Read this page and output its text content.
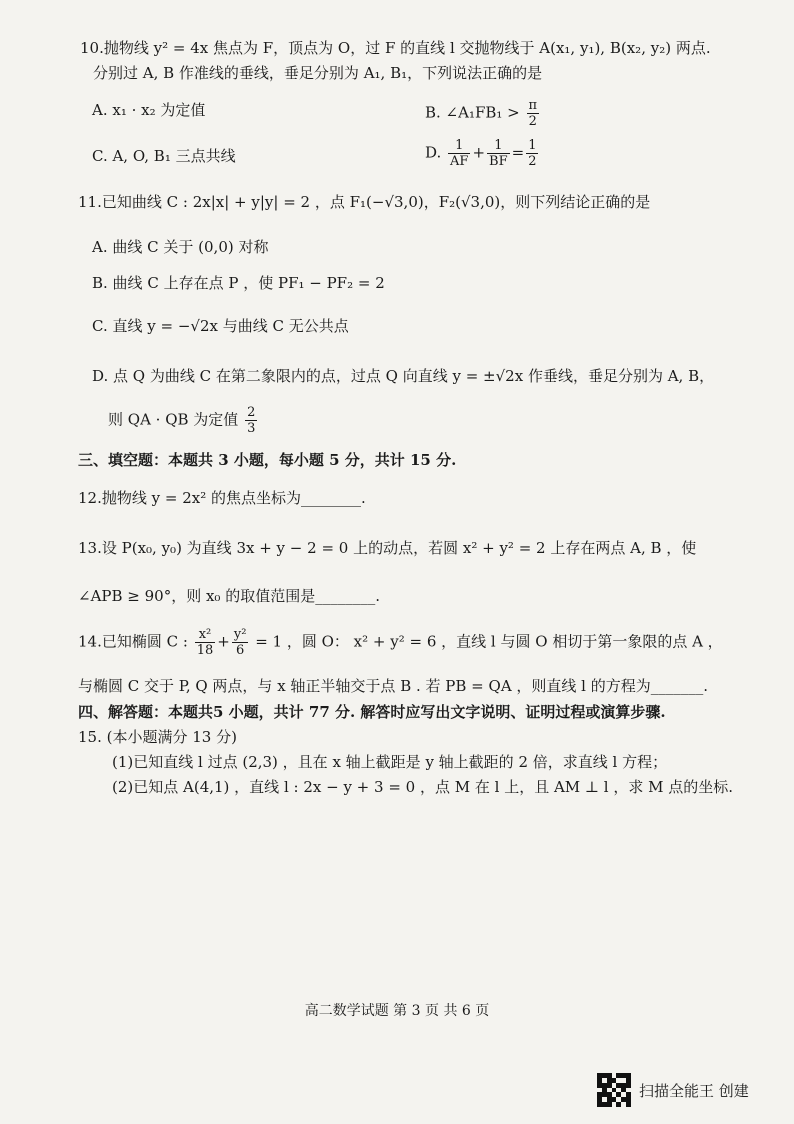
10.抛物线 y² = 4x 焦点为 F，顶点为 O，过 F 的直线 l 交抛物线于 A(x₁, y₁), B(x₂, y₂) 两点.
分别过 A, B 作准线的垂线，垂足分别为 A₁, B₁，下列说法正确的是
A. x₁ · x₂ 为定值	B. ∠A₁FB₁ > $\frac{\pi}{2}$
C. A, O, B₁ 三点共线	D. $\frac{1}{AF} + \frac{1}{BF} = \frac{1}{2}$
11.已知曲线 C : 2x|x| + y|y| = 2 ，点 F₁(−√3,0)，F₂(√3,0)，则下列结论正确的是
A. 曲线 C 关于 (0,0) 对称
B. 曲线 C 上存在点 P ，使 PF₁ − PF₂ = 2
C. 直线 y = −√2x 与曲线 C 无公共点
D. 点 Q 为曲线 C 在第二象限内的点，过点 Q 向直线 y = ±√2x 作垂线，垂足分别为 A, B，
则 QA · QB 为定值 $\frac{2}{3}$
三、填空题：本题共 3 小题，每小题 5 分，共计 15 分.
12.抛物线 y = 2x² 的焦点坐标为________.
13.设 P(x₀, y₀) 为直线 3x + y − 2 = 0 上的动点，若圆 x² + y² = 2 上存在两点 A, B ，使
∠APB ≥ 90°，则 x₀ 的取值范围是________.
14.已知椭圆 C : $\frac{\text{x²}}{18} + \frac{\text{y²}}{6} = 1$ ，圆 O： x² + y² = 6 ，直线 l 与圆 O 相切于第一象限的点 A ，
与椭圆 C 交于 P, Q 两点，与 x 轴正半轴交于点 B . 若 PB = QA ，则直线 l 的方程为_______.
四、解答题：本题共5 小题，共计 77 分. 解答时应写出文字说明、证明过程或演算步骤.
15. (本小题满分 13 分)
(1)已知直线 l 过点 (2,3) ，且在 x 轴上截距是 y 轴上截距的 2 倍，求直线 l 方程；
(2)已知点 A(4,1) ，直线 l : 2x − y + 3 = 0 ，点 M 在 l 上，且 AM ⊥ l ，求 M 点的坐标.
高二数学试题 第 3 页 共 6 页
扫描全能王 创建
